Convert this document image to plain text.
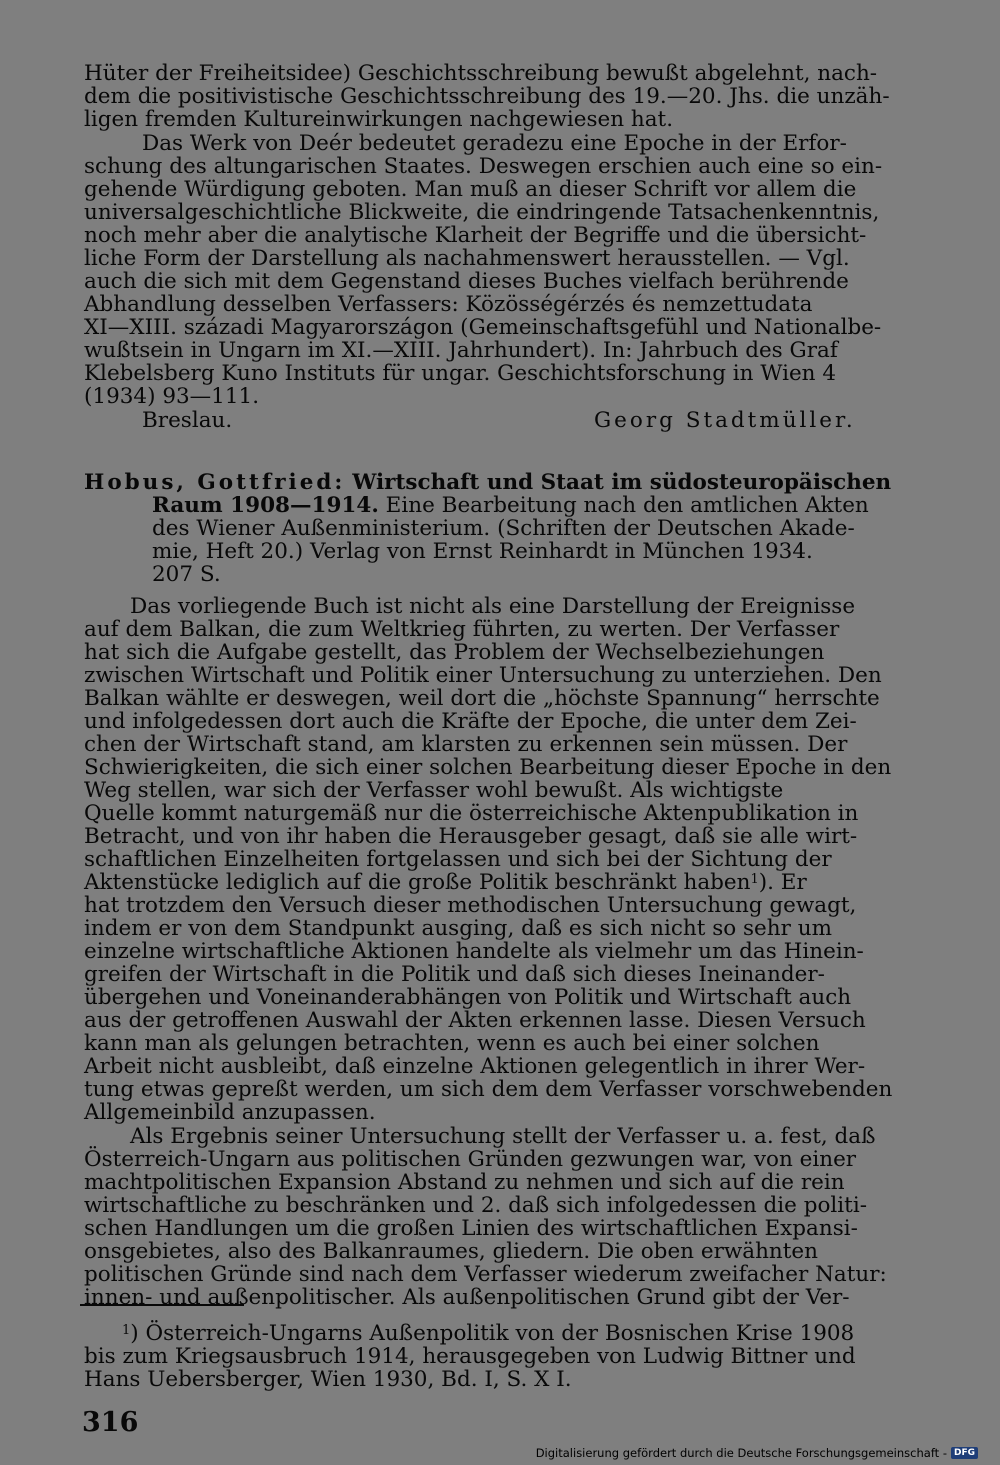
Hüter der Freiheitsidee) Geschichtsschreibung bewußt abgelehnt, nach-
dem die positivistische Geschichtsschreibung des 19.—20. Jhs. die unzäh-
ligen fremden Kultureinwirkungen nachgewiesen hat.
Das Werk von Deér bedeutet geradezu eine Epoche in der Erfor-
schung des altungarischen Staates. Deswegen erschien auch eine so ein-
gehende Würdigung geboten. Man muß an dieser Schrift vor allem die
universalgeschichtliche Blickweite, die eindringende Tatsachenkenntnis,
noch mehr aber die analytische Klarheit der Begriffe und die übersicht-
liche Form der Darstellung als nachahmenswert herausstellen. — Vgl.
auch die sich mit dem Gegenstand dieses Buches vielfach berührende
Abhandlung desselben Verfassers: Közösségérzés és nemzettudata
XI—XIII. századi Magyarországon (Gemeinschaftsgefühl und Nationalbe-
wußtsein in Ungarn im XI.—XIII. Jahrhundert). In: Jahrbuch des Graf
Klebelsberg Kuno Instituts für ungar. Geschichtsforschung in Wien 4
(1934) 93—111.
Breslau.	Georg Stadtmüller.
Hobus, Gottfried: Wirtschaft und Staat im südosteuropäischen
Raum 1908—1914. Eine Bearbeitung nach den amtlichen Akten
des Wiener Außenministerium. (Schriften der Deutschen Akade-
mie, Heft 20.) Verlag von Ernst Reinhardt in München 1934.
207 S.
Das vorliegende Buch ist nicht als eine Darstellung der Ereignisse
auf dem Balkan, die zum Weltkrieg führten, zu werten. Der Verfasser
hat sich die Aufgabe gestellt, das Problem der Wechselbeziehungen
zwischen Wirtschaft und Politik einer Untersuchung zu unterziehen. Den
Balkan wählte er deswegen, weil dort die „höchste Spannung“ herrschte
und infolgedessen dort auch die Kräfte der Epoche, die unter dem Zei-
chen der Wirtschaft stand, am klarsten zu erkennen sein müssen. Der
Schwierigkeiten, die sich einer solchen Bearbeitung dieser Epoche in den
Weg stellen, war sich der Verfasser wohl bewußt. Als wichtigste
Quelle kommt naturgemäß nur die österreichische Aktenpublikation in
Betracht, und von ihr haben die Herausgeber gesagt, daß sie alle wirt-
schaftlichen Einzelheiten fortgelassen und sich bei der Sichtung der
Aktenstücke lediglich auf die große Politik beschränkt haben$^1$). Er
hat trotzdem den Versuch dieser methodischen Untersuchung gewagt,
indem er von dem Standpunkt ausging, daß es sich nicht so sehr um
einzelne wirtschaftliche Aktionen handelte als vielmehr um das Hinein-
greifen der Wirtschaft in die Politik und daß sich dieses Ineinander-
übergehen und Voneinanderabhängen von Politik und Wirtschaft auch
aus der getroffenen Auswahl der Akten erkennen lasse. Diesen Versuch
kann man als gelungen betrachten, wenn es auch bei einer solchen
Arbeit nicht ausbleibt, daß einzelne Aktionen gelegentlich in ihrer Wer-
tung etwas gepreßt werden, um sich dem dem Verfasser vorschwebenden
Allgemeinbild anzupassen.
Als Ergebnis seiner Untersuchung stellt der Verfasser u. a. fest, daß
Österreich-Ungarn aus politischen Gründen gezwungen war, von einer
machtpolitischen Expansion Abstand zu nehmen und sich auf die rein
wirtschaftliche zu beschränken und 2. daß sich infolgedessen die politi-
schen Handlungen um die großen Linien des wirtschaftlichen Expansi-
onsgebietes, also des Balkanraumes, gliedern. Die oben erwähnten
politischen Gründe sind nach dem Verfasser wiederum zweifacher Natur:
innen- und außenpolitischer. Als außenpolitischen Grund gibt der Ver-
$^1$) Österreich-Ungarns Außenpolitik von der Bosnischen Krise 1908
bis zum Kriegsausbruch 1914, herausgegeben von Ludwig Bittner und
Hans Uebersberger, Wien 1930, Bd. I, S. X I.
316
Digitalisierung gefördert durch die Deutsche Forschungsgemeinschaft - DFG
